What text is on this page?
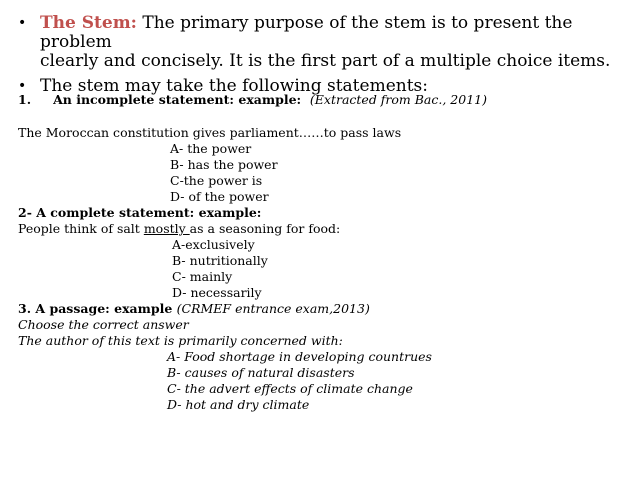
• The Stem: The primary purpose of the stem is to present the problem
clearly and concisely. It is the first part of a multiple choice items.
• The stem may take the following statements:
1. An incomplete statement: example: (Extracted from Bac., 2011)
The Moroccan constitution gives parliament……to pass laws
A- the power
B- has the power
C-the power is
D- of the power
2- A complete statement: example:
People think of salt mostly as a seasoning for food:
A-exclusively
B- nutritionally
C- mainly
D- necessarily
3. A passage: example (CRMEF entrance exam,2013)
Choose the correct answer
The author of this text is primarily concerned with:
A- Food shortage in developing countrues
B- causes of natural disasters
C- the advert effects of climate change
D- hot and dry climate
